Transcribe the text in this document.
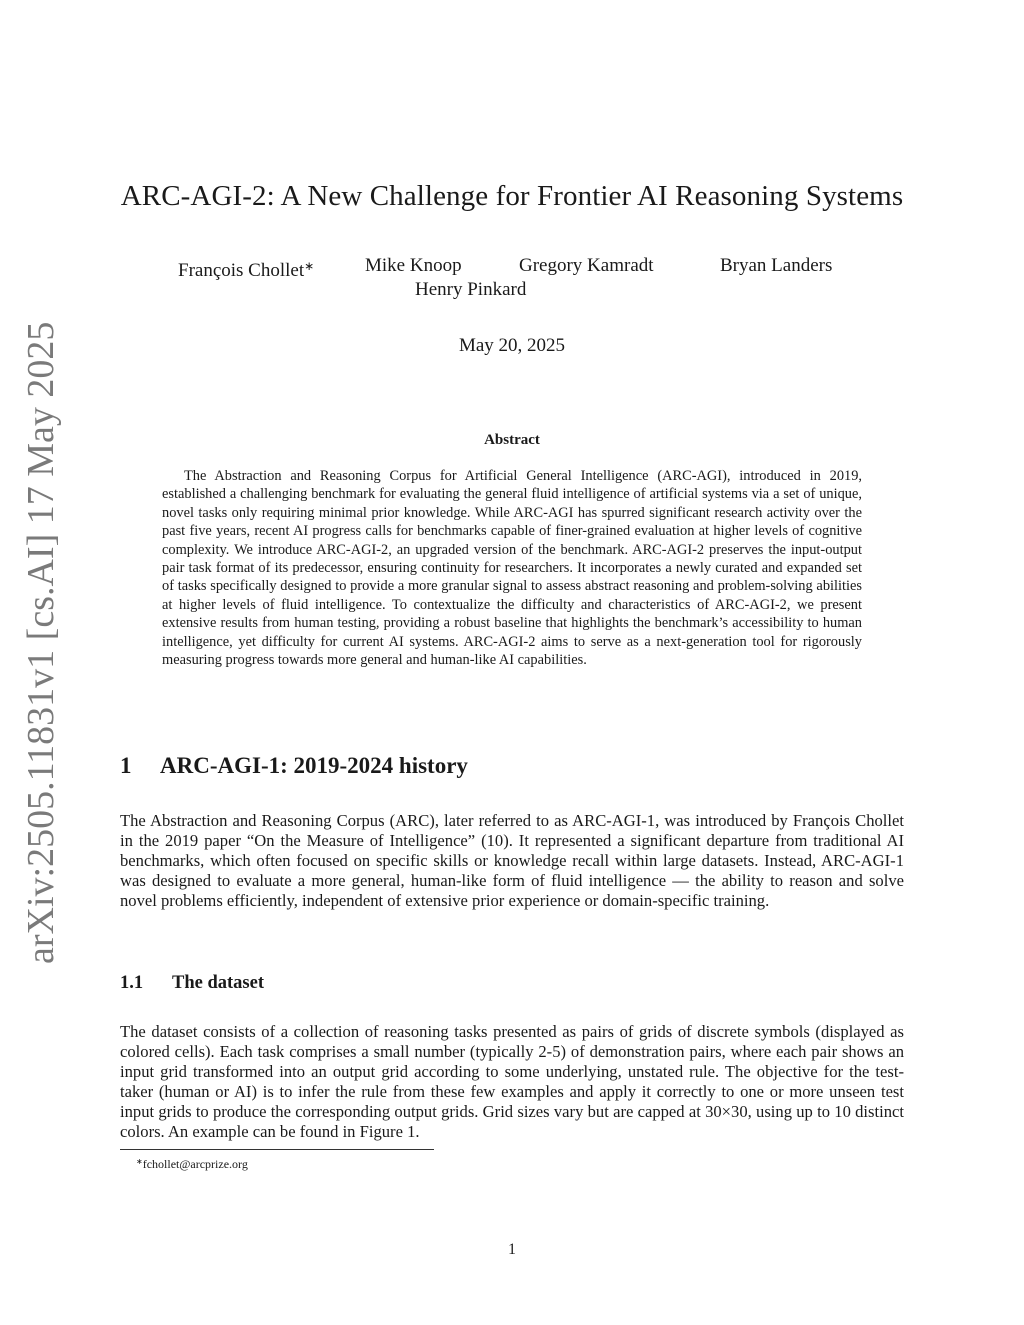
arXiv:2505.11831v1 [cs.AI] 17 May 2025
ARC-AGI-2: A New Challenge for Frontier AI Reasoning Systems
François Chollet∗	Mike Knoop	Gregory Kamradt	Bryan Landers
Henry Pinkard
May 20, 2025
Abstract

The Abstraction and Reasoning Corpus for Artificial General Intelligence (ARC-AGI), introduced in 2019, established a challenging benchmark for evaluating the general fluid intelligence of artificial systems via a set of unique, novel tasks only requiring minimal prior knowledge. While ARC-AGI has spurred significant research activity over the past five years, recent AI progress calls for benchmarks capable of finer-grained evaluation at higher levels of cognitive complexity. We introduce ARC-AGI-2, an upgraded version of the benchmark. ARC-AGI-2 preserves the input-output pair task format of its predecessor, ensuring continuity for researchers. It incorporates a newly curated and expanded set of tasks specifically designed to provide a more granular signal to assess abstract reasoning and problem-solving abilities at higher levels of fluid intelligence. To contextualize the difficulty and characteristics of ARC-AGI-2, we present extensive results from human testing, providing a robust baseline that highlights the benchmark’s accessibility to human intelligence, yet difficulty for current AI systems. ARC-AGI-2 aims to serve as a next-generation tool for rigorously measuring progress towards more general and human-like AI capabilities.

1 ARC-AGI-1: 2019-2024 history

The Abstraction and Reasoning Corpus (ARC), later referred to as ARC-AGI-1, was introduced by François Chollet in the 2019 paper “On the Measure of Intelligence” (10). It represented a significant departure from traditional AI benchmarks, which often focused on specific skills or knowledge recall within large datasets. Instead, ARC-AGI-1 was designed to evaluate a more general, human-like form of fluid intelligence — the ability to reason and solve novel problems efficiently, independent of extensive prior experience or domain-specific training.

1.1 The dataset

The dataset consists of a collection of reasoning tasks presented as pairs of grids of discrete symbols (displayed as colored cells). Each task comprises a small number (typically 2-5) of demonstration pairs, where each pair shows an input grid transformed into an output grid according to some underlying, unstated rule. The objective for the test-taker (human or AI) is to infer the rule from these few examples and apply it correctly to one or more unseen test input grids to produce the corresponding output grids. Grid sizes vary but are capped at 30×30, using up to 10 distinct colors. An example can be found in Figure 1.

∗fchollet@arcprize.org
1
